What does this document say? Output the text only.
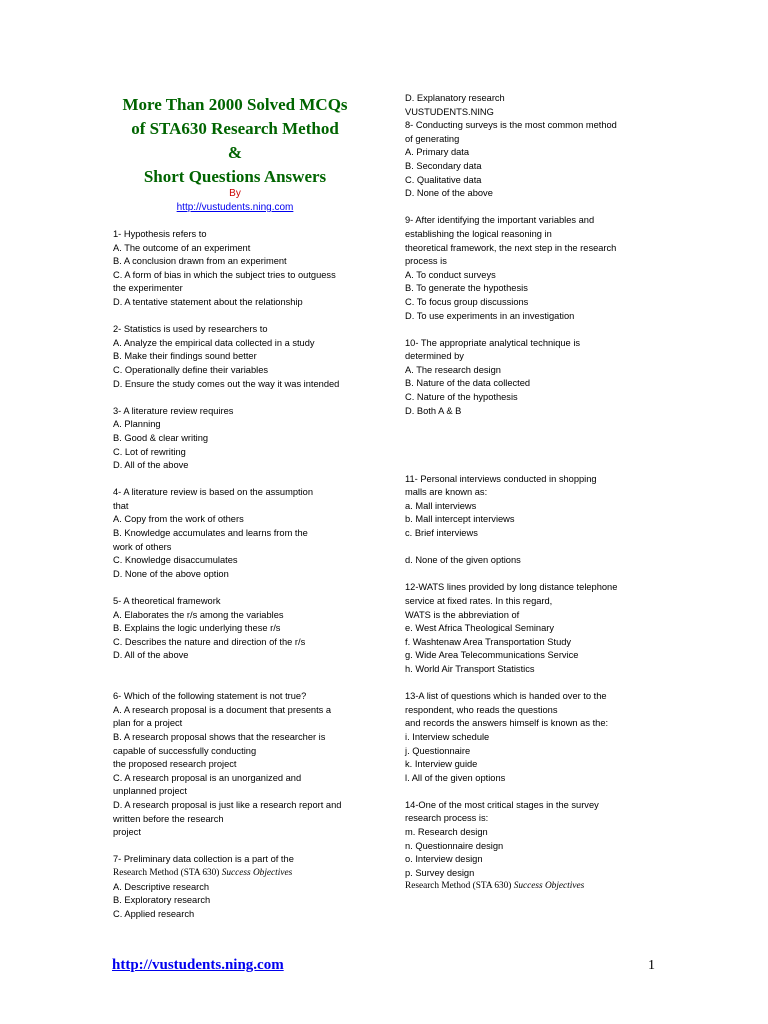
More Than 2000 Solved MCQs
of STA630 Research Method
&
Short Questions Answers
By
http://vustudents.ning.com
1- Hypothesis refers to
A. The outcome of an experiment
B. A conclusion drawn from an experiment
C. A form of bias in which the subject tries to outguess
the experimenter
D. A tentative statement about the relationship
2- Statistics is used by researchers to
A. Analyze the empirical data collected in a study
B. Make their findings sound better
C. Operationally define their variables
D. Ensure the study comes out the way it was intended
3- A literature review requires
A. Planning
B. Good & clear writing
C. Lot of rewriting
D. All of the above
4- A literature review is based on the assumption
that
A. Copy from the work of others
B. Knowledge accumulates and learns from the
work of others
C. Knowledge disaccumulates
D. None of the above option
5- A theoretical framework
A. Elaborates the r/s among the variables
B. Explains the logic underlying these r/s
C. Describes the nature and direction of the r/s
D. All of the above
6- Which of the following statement is not true?
A. A research proposal is a document that presents a
plan for a project
B. A research proposal shows that the researcher is
capable of successfully conducting
the proposed research project
C. A research proposal is an unorganized and
unplanned project
D. A research proposal is just like a research report and
written before the research
project
7- Preliminary data collection is a part of the
Research Method (STA 630) Success Objectives
A. Descriptive research
B. Exploratory research
C. Applied research
D. Explanatory research
VUSTUDENTS.NING
8- Conducting surveys is the most common method
of generating
A. Primary data
B. Secondary data
C. Qualitative data
D. None of the above
9- After identifying the important variables and
establishing the logical reasoning in
theoretical framework, the next step in the research
process is
A. To conduct surveys
B. To generate the hypothesis
C. To focus group discussions
D. To use experiments in an investigation
10- The appropriate analytical technique is
determined by
A. The research design
B. Nature of the data collected
C. Nature of the hypothesis
D. Both A & B
11- Personal interviews conducted in shopping
malls are known as:
a. Mall interviews
b. Mall intercept interviews
c. Brief interviews
d. None of the given options
12-WATS lines provided by long distance telephone
service at fixed rates. In this regard,
WATS is the abbreviation of
e. West Africa Theological Seminary
f. Washtenaw Area Transportation Study
g. Wide Area Telecommunications Service
h. World Air Transport Statistics
13-A list of questions which is handed over to the
respondent, who reads the questions
and records the answers himself is known as the:
i. Interview schedule
j. Questionnaire
k. Interview guide
l. All of the given options
14-One of the most critical stages in the survey
research process is:
m. Research design
n. Questionnaire design
o. Interview design
p. Survey design
Research Method (STA 630) Success Objectives
http://vustudents.ning.com	1
